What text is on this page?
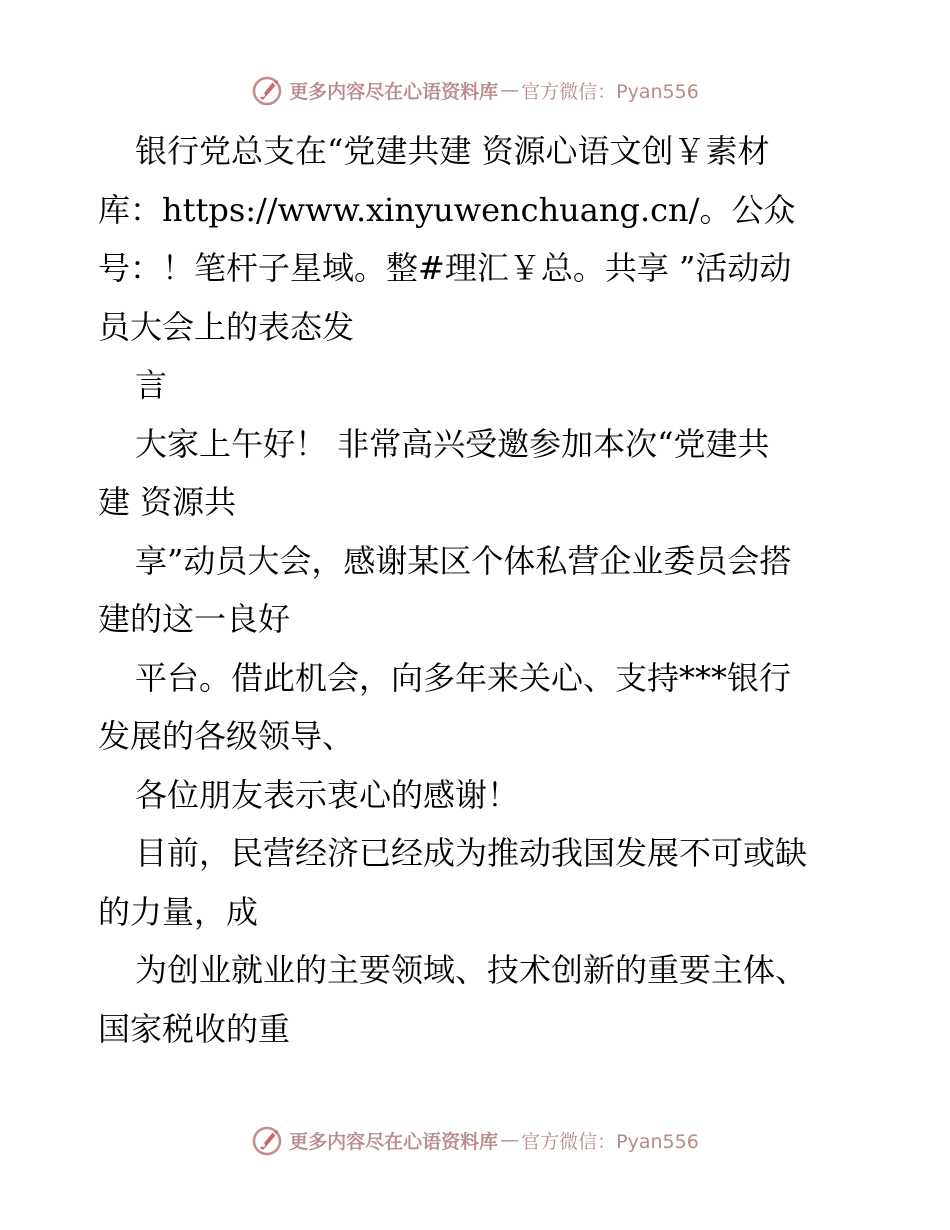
更多内容尽在心语资料库 — 官方微信：Pyan556
银行党总支在“党建共建 资源心语文创￥素材
库：https://www.xinyuwenchuang.cn/。公众
号：！笔杆子星域。整#理汇￥总。共享 ”活动动
员大会上的表态发
言
大家上午好！ 非常高兴受邀参加本次“党建共
建 资源共
享”动员大会，感谢某区个体私营企业委员会搭
建的这一良好
平台。借此机会，向多年来关心、支持***银行
发展的各级领导、
各位朋友表示衷心的感谢！
目前，民营经济已经成为推动我国发展不可或缺
的力量，成
为创业就业的主要领域、技术创新的重要主体、
国家税收的重
更多内容尽在心语资料库 — 官方微信：Pyan556
